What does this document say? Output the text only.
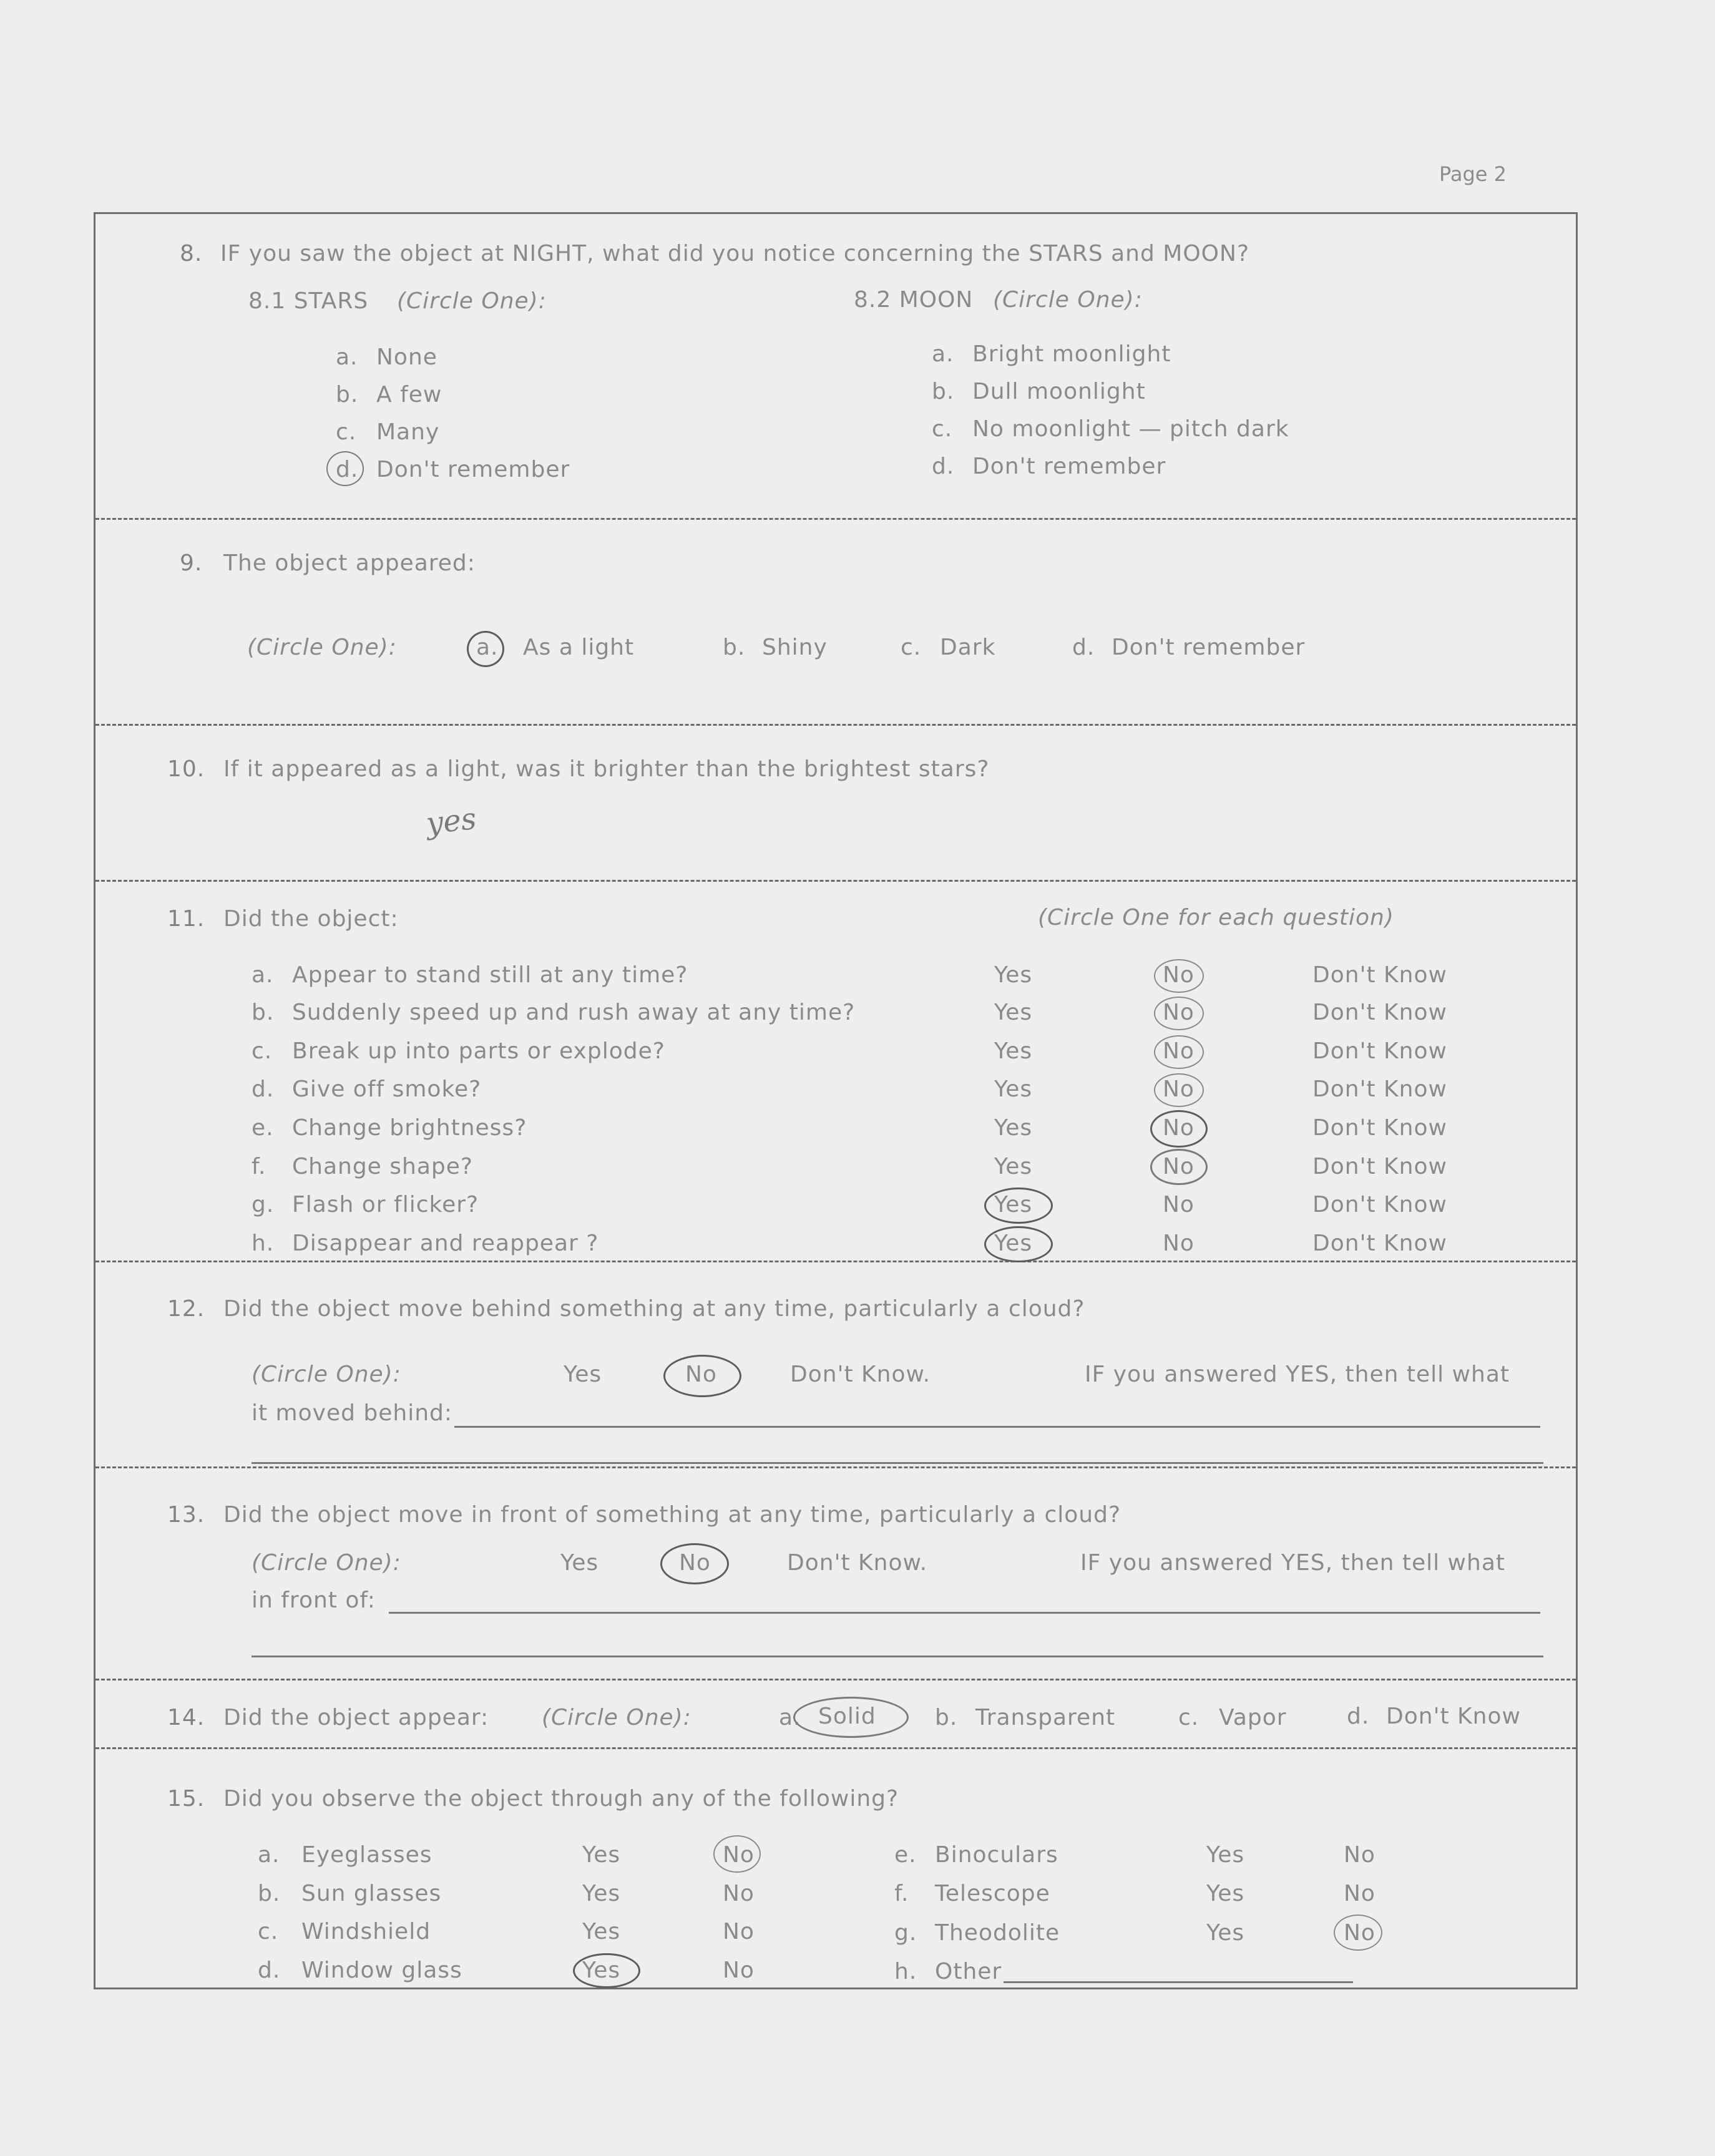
Page 2
8. IF you saw the object at NIGHT, what did you notice concerning the STARS and MOON?
8.1 STARS (Circle One):
a. None
b. A few
c. Many
d. Don't remember
8.2 MOON (Circle One):
a. Bright moonlight
b. Dull moonlight
c. No moonlight — pitch dark
d. Don't remember
9. The object appeared:
(Circle One):	a. As a light	b. Shiny	c. Dark	d. Don't remember
10. If it appeared as a light, was it brighter than the brightest stars?
yes
11. Did the object:	(Circle One for each question)
a. Appear to stand still at any time?	Yes	No	Don't Know
b. Suddenly speed up and rush away at any time?	Yes	No	Don't Know
c. Break up into parts or explode?	Yes	No	Don't Know
d. Give off smoke?	Yes	No	Don't Know
e. Change brightness?	Yes	No	Don't Know
f. Change shape?	Yes	No	Don't Know
g. Flash or flicker?	Yes	No	Don't Know
h. Disappear and reappear ?	Yes	No	Don't Know
12. Did the object move behind something at any time, particularly a cloud?
(Circle One):	Yes	No	Don't Know.	IF you answered YES, then tell what
it moved behind:
13. Did the object move in front of something at any time, particularly a cloud?
(Circle One):	Yes	No	Don't Know.	IF you answered YES, then tell what
in front of:
14. Did the object appear: (Circle One):	a. Solid	b. Transparent	c. Vapor	d. Don't Know
15. Did you observe the object through any of the following?
a. Eyeglasses	Yes	No
b. Sun glasses	Yes	No
c. Windshield	Yes	No
d. Window glass	Yes	No
e. Binoculars	Yes	No
f. Telescope	Yes	No
g. Theodolite	Yes	No
h. Other
